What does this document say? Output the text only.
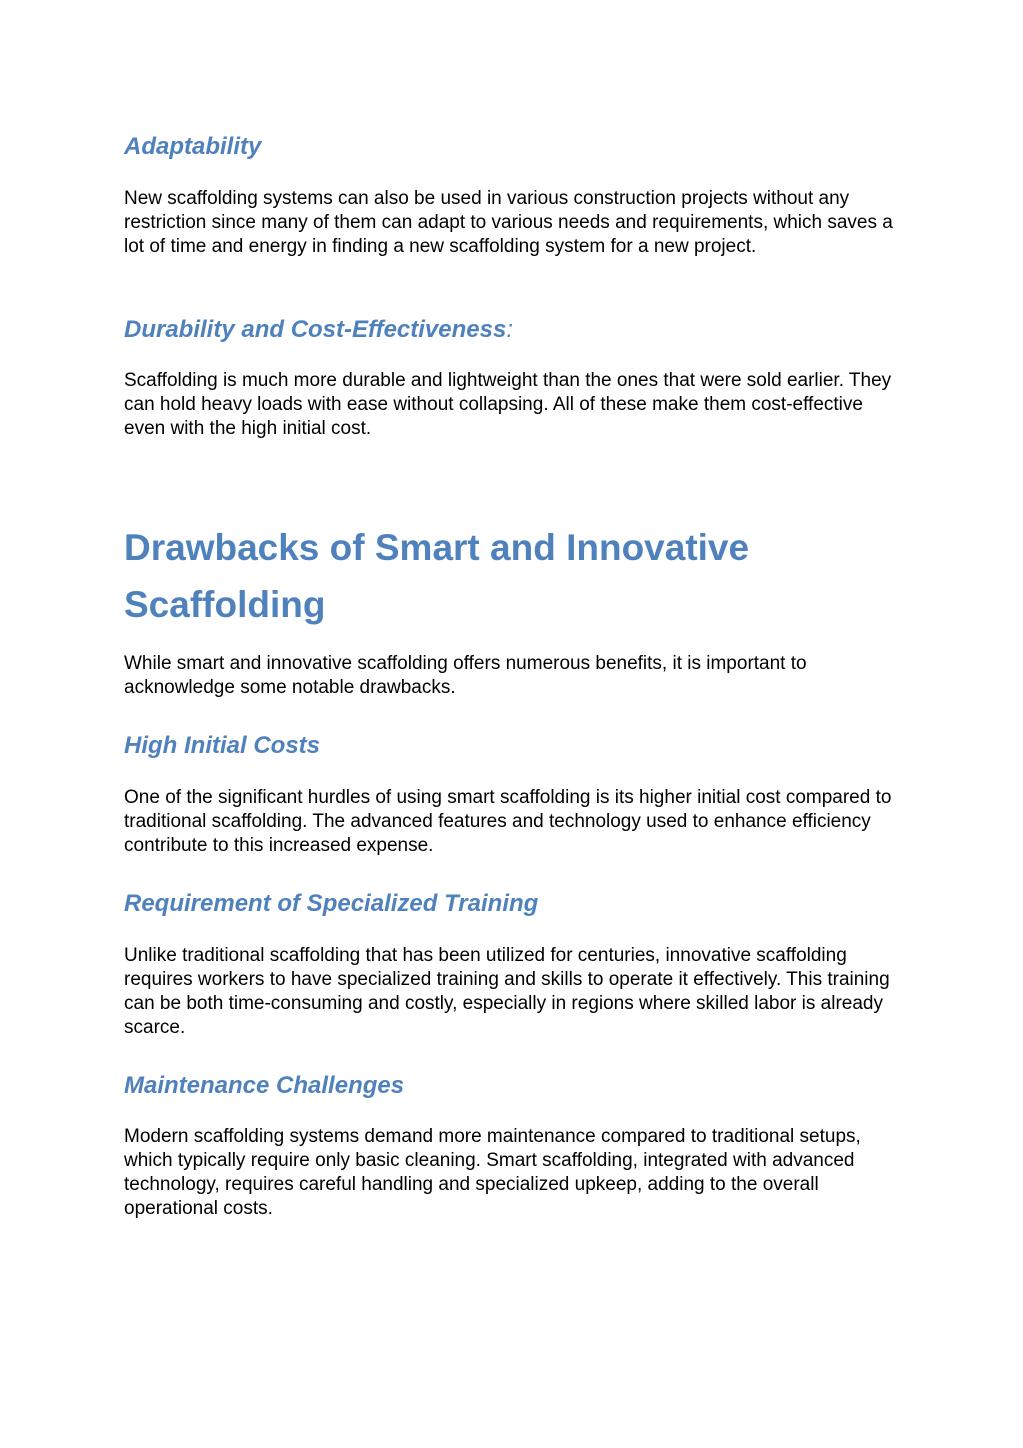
Adaptability

New scaffolding systems can also be used in various construction projects without any restriction since many of them can adapt to various needs and requirements, which saves a lot of time and energy in finding a new scaffolding system for a new project.

Durability and Cost-Effectiveness:

Scaffolding is much more durable and lightweight than the ones that were sold earlier. They can hold heavy loads with ease without collapsing. All of these make them cost-effective even with the high initial cost.

Drawbacks of Smart and Innovative Scaffolding

While smart and innovative scaffolding offers numerous benefits, it is important to acknowledge some notable drawbacks.

High Initial Costs

One of the significant hurdles of using smart scaffolding is its higher initial cost compared to traditional scaffolding. The advanced features and technology used to enhance efficiency contribute to this increased expense.

Requirement of Specialized Training

Unlike traditional scaffolding that has been utilized for centuries, innovative scaffolding requires workers to have specialized training and skills to operate it effectively. This training can be both time-consuming and costly, especially in regions where skilled labor is already scarce.

Maintenance Challenges

Modern scaffolding systems demand more maintenance compared to traditional setups, which typically require only basic cleaning. Smart scaffolding, integrated with advanced technology, requires careful handling and specialized upkeep, adding to the overall operational costs.
